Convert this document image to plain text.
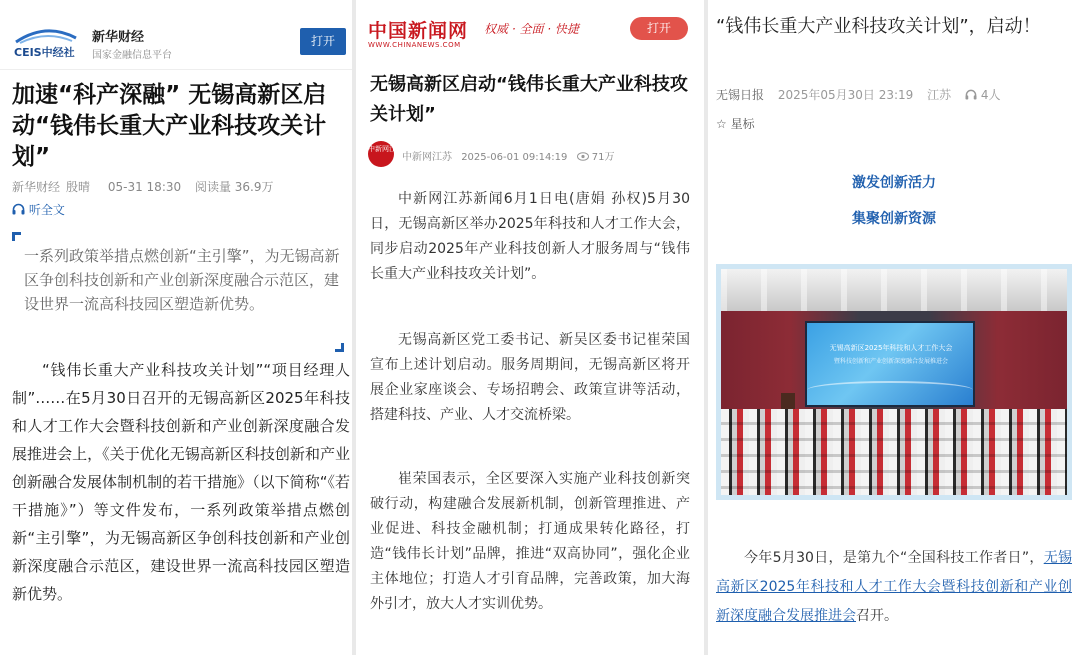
CEIS中经社
新华财经
国家金融信息平台
打开
加速“科产深融” 无锡高新区启动“钱伟长重大产业科技攻关计划”
新华财经 殷晴 05-31 18:30 阅读量 36.9万
听全文
一系列政策举措点燃创新“主引擎”，为无锡高新区争创科技创新和产业创新深度融合示范区，建设世界一流高科技园区塑造新优势。
“钱伟长重大产业科技攻关计划”“项目经理人制”……在5月30日召开的无锡高新区2025年科技和人才工作大会暨科技创新和产业创新深度融合发展推进会上，《关于优化无锡高新区科技创新和产业创新融合发展体制机制的若干措施》（以下简称“《若干措施》”）等文件发布，一系列政策举措点燃创新“主引擎”，为无锡高新区争创科技创新和产业创新深度融合示范区，建设世界一流高科技园区塑造新优势。
中国新闻网
WWW.CHINANEWS.COM
权威 · 全面 · 快捷	打开
无锡高新区启动“钱伟长重大产业科技攻关计划”
中新网江苏
中新网江苏 2025-06-01 09:14:19 71万
中新网江苏新闻6月1日电(唐娟 孙权)5月30日，无锡高新区举办2025年科技和人才工作大会，同步启动2025年产业科技创新人才服务周与“钱伟长重大产业科技攻关计划”。
无锡高新区党工委书记、新吴区委书记崔荣国宣布上述计划启动。服务周期间，无锡高新区将开展企业家座谈会、专场招聘会、政策宣讲等活动，搭建科技、产业、人才交流桥梁。
崔荣国表示，全区要深入实施产业科技创新突破行动，构建融合发展新机制，创新管理推进、产业促进、科技金融机制；打通成果转化路径，打造“钱伟长计划”品牌，推进“双高协同”，强化企业主体地位；打造人才引育品牌，完善政策，加大海外引才，放大人才实训优势。
“钱伟长重大产业科技攻关计划”，启动！
无锡日报 2025年05月30日 23:19 江苏 4人
☆ 星标
激发创新活力
集聚创新资源
无锡高新区2025年科技和人才工作大会
暨科技创新和产业创新深度融合发展推进会
今年5月30日，是第九个“全国科技工作者日”，无锡高新区2025年科技和人才工作大会暨科技创新和产业创新深度融合发展推进会召开。
